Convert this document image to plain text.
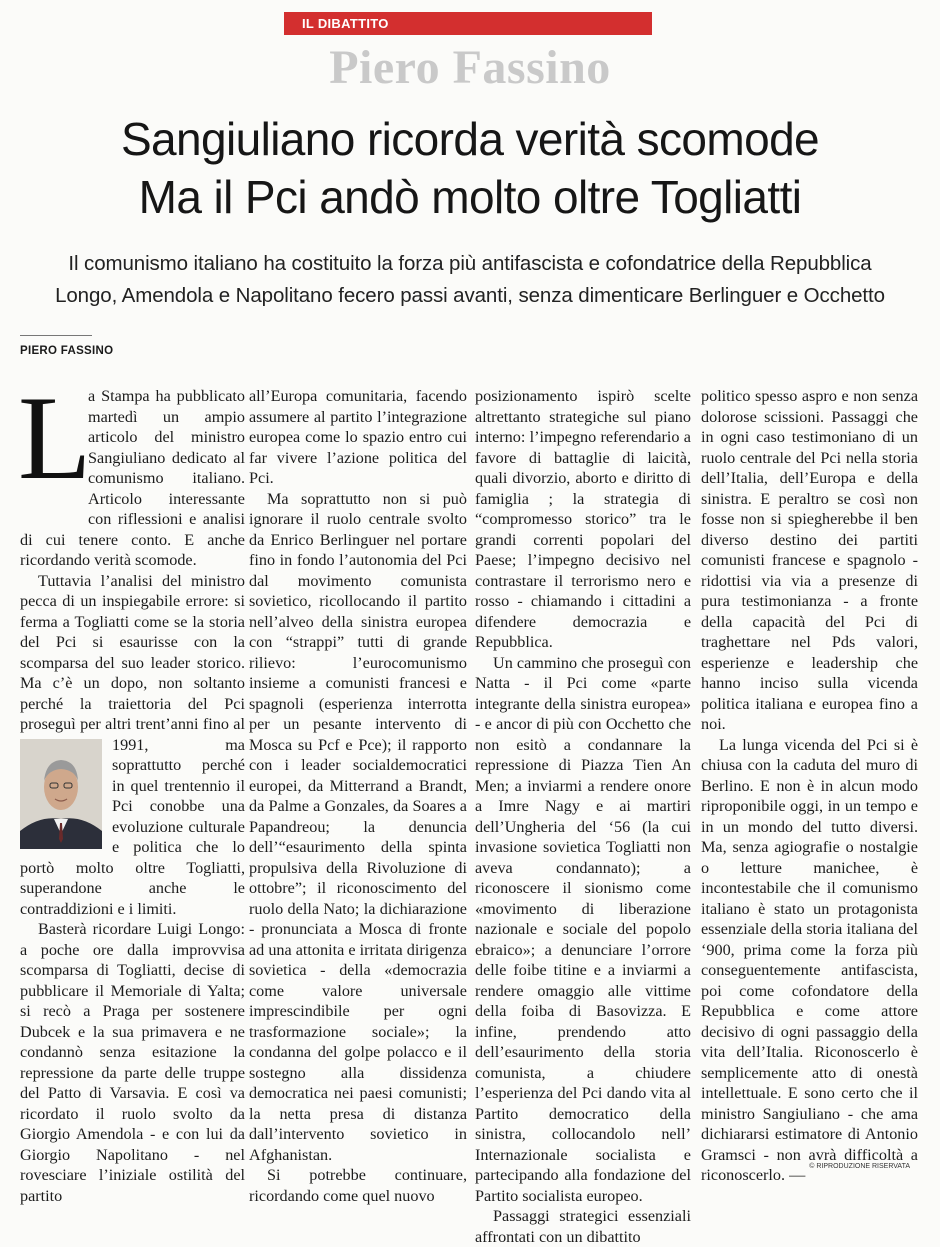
IL DIBATTITO
Piero Fassino
Sangiuliano ricorda verità scomode
Ma il Pci andò molto oltre Togliatti
Il comunismo italiano ha costituito la forza più antifascista e cofondatrice della Repubblica
Longo, Amendola e Napolitano fecero passi avanti, senza dimenticare Berlinguer e Occhetto
PIERO FASSINO
L

a Stampa ha pubblicato martedì un ampio articolo del ministro Sangiuliano dedicato al comunismo italiano. Articolo interessante con riflessioni e analisi di cui tenere conto. E anche ricordando verità scomode.

Tuttavia l’analisi del ministro pecca di un inspiegabile errore: si ferma a Togliatti come se la storia del Pci si esaurisse con la scomparsa del suo leader storico. Ma c’è un dopo, non soltanto perché la traiettoria del Pci proseguì per altri trent’anni fino al
1991, ma soprattutto perché in quel trentennio il Pci conobbe una evoluzione culturale e politica che lo portò molto oltre Togliatti, superandone anche le contraddizioni e i limiti.

Basterà ricordare Luigi Longo: a poche ore dalla improvvisa scomparsa di Togliatti, decise di pubblicare il Memoriale di Yalta; si recò a Praga per sostenere Dubcek e la sua primavera e ne condannò senza esitazione la repressione da parte delle truppe del Patto di Varsavia. E così va ricordato il ruolo svolto da Giorgio Amendola - e con lui da Giorgio Napolitano - nel rovesciare l’iniziale ostilità del partito

all’Europa comunitaria, facendo assumere al partito l’integrazione europea come lo spazio entro cui far vivere l’azione politica del Pci.

Ma soprattutto non si può ignorare il ruolo centrale svolto da Enrico Berlinguer nel portare fino in fondo l’autonomia del Pci dal movimento comunista sovietico, ricollocando il partito nell’alveo della sinistra europea con “strappi” tutti di grande rilievo: l’eurocomunismo insieme a comunisti francesi e spagnoli (esperienza interrotta per un pesante intervento di Mosca su Pcf e Pce); il rapporto con i leader socialdemocratici europei, da Mitterrand a Brandt, da Palme a Gonzales, da Soares a Papandreou; la denuncia dell’“esaurimento della spinta propulsiva della Rivoluzione di ottobre”; il riconoscimento del ruolo della Nato; la dichiarazione - pronunciata a Mosca di fronte ad una attonita e irritata dirigenza sovietica - della «democrazia come valore universale imprescindibile per ogni trasformazione sociale»; la condanna del golpe polacco e il sostegno alla dissidenza democratica nei paesi comunisti; la netta presa di distanza dall’intervento sovietico in Afghanistan.

Si potrebbe continuare, ricordando come quel nuovo

posizionamento ispirò scelte altrettanto strategiche sul piano interno: l’impegno referendario a favore di battaglie di laicità, quali divorzio, aborto e diritto di famiglia ; la strategia di “compromesso storico” tra le grandi correnti popolari del Paese; l’impegno decisivo nel contrastare il terrorismo nero e rosso - chiamando i cittadini a difendere democrazia e Repubblica.

Un cammino che proseguì con Natta - il Pci come «parte integrante della sinistra europea» - e ancor di più con Occhetto che non esitò a condannare la repressione di Piazza Tien An Men; a inviarmi a rendere onore a Imre Nagy e ai martiri dell’Ungheria del ‘56 (la cui invasione sovietica Togliatti non aveva condannato); a riconoscere il sionismo come «movimento di liberazione nazionale e sociale del popolo ebraico»; a denunciare l’orrore delle foibe titine e a inviarmi a rendere omaggio alle vittime della foiba di Basovizza. E infine, prendendo atto dell’esaurimento della storia comunista, a chiudere l’esperienza del Pci dando vita al Partito democratico della sinistra, collocandolo nell’ Internazionale socialista e partecipando alla fondazione del Partito socialista europeo.

Passaggi strategici essenziali affrontati con un dibattito

politico spesso aspro e non senza dolorose scissioni. Passaggi che in ogni caso testimoniano di un ruolo centrale del Pci nella storia dell’Italia, dell’Europa e della sinistra. E peraltro se così non fosse non si spiegherebbe il ben diverso destino dei partiti comunisti francese e spagnolo - ridottisi via via a presenze di pura testimonianza - a fronte della capacità del Pci di traghettare nel Pds valori, esperienze e leadership che hanno inciso sulla vicenda politica italiana e europea fino a noi.

La lunga vicenda del Pci si è chiusa con la caduta del muro di Berlino. E non è in alcun modo riproponibile oggi, in un tempo e in un mondo del tutto diversi. Ma, senza agiografie o nostalgie o letture manichee, è incontestabile che il comunismo italiano è stato un protagonista essenziale della storia italiana del ‘900, prima come la forza più conseguentemente antifascista, poi come cofondatore della Repubblica e come attore decisivo di ogni passaggio della vita dell’Italia. Riconoscerlo è semplicemente atto di onestà intellettuale. E sono certo che il ministro Sangiuliano - che ama dichiararsi estimatore di Antonio Gramsci - non avrà difficoltà a riconoscerlo. — © RIPRODUZIONE RISERVATA
